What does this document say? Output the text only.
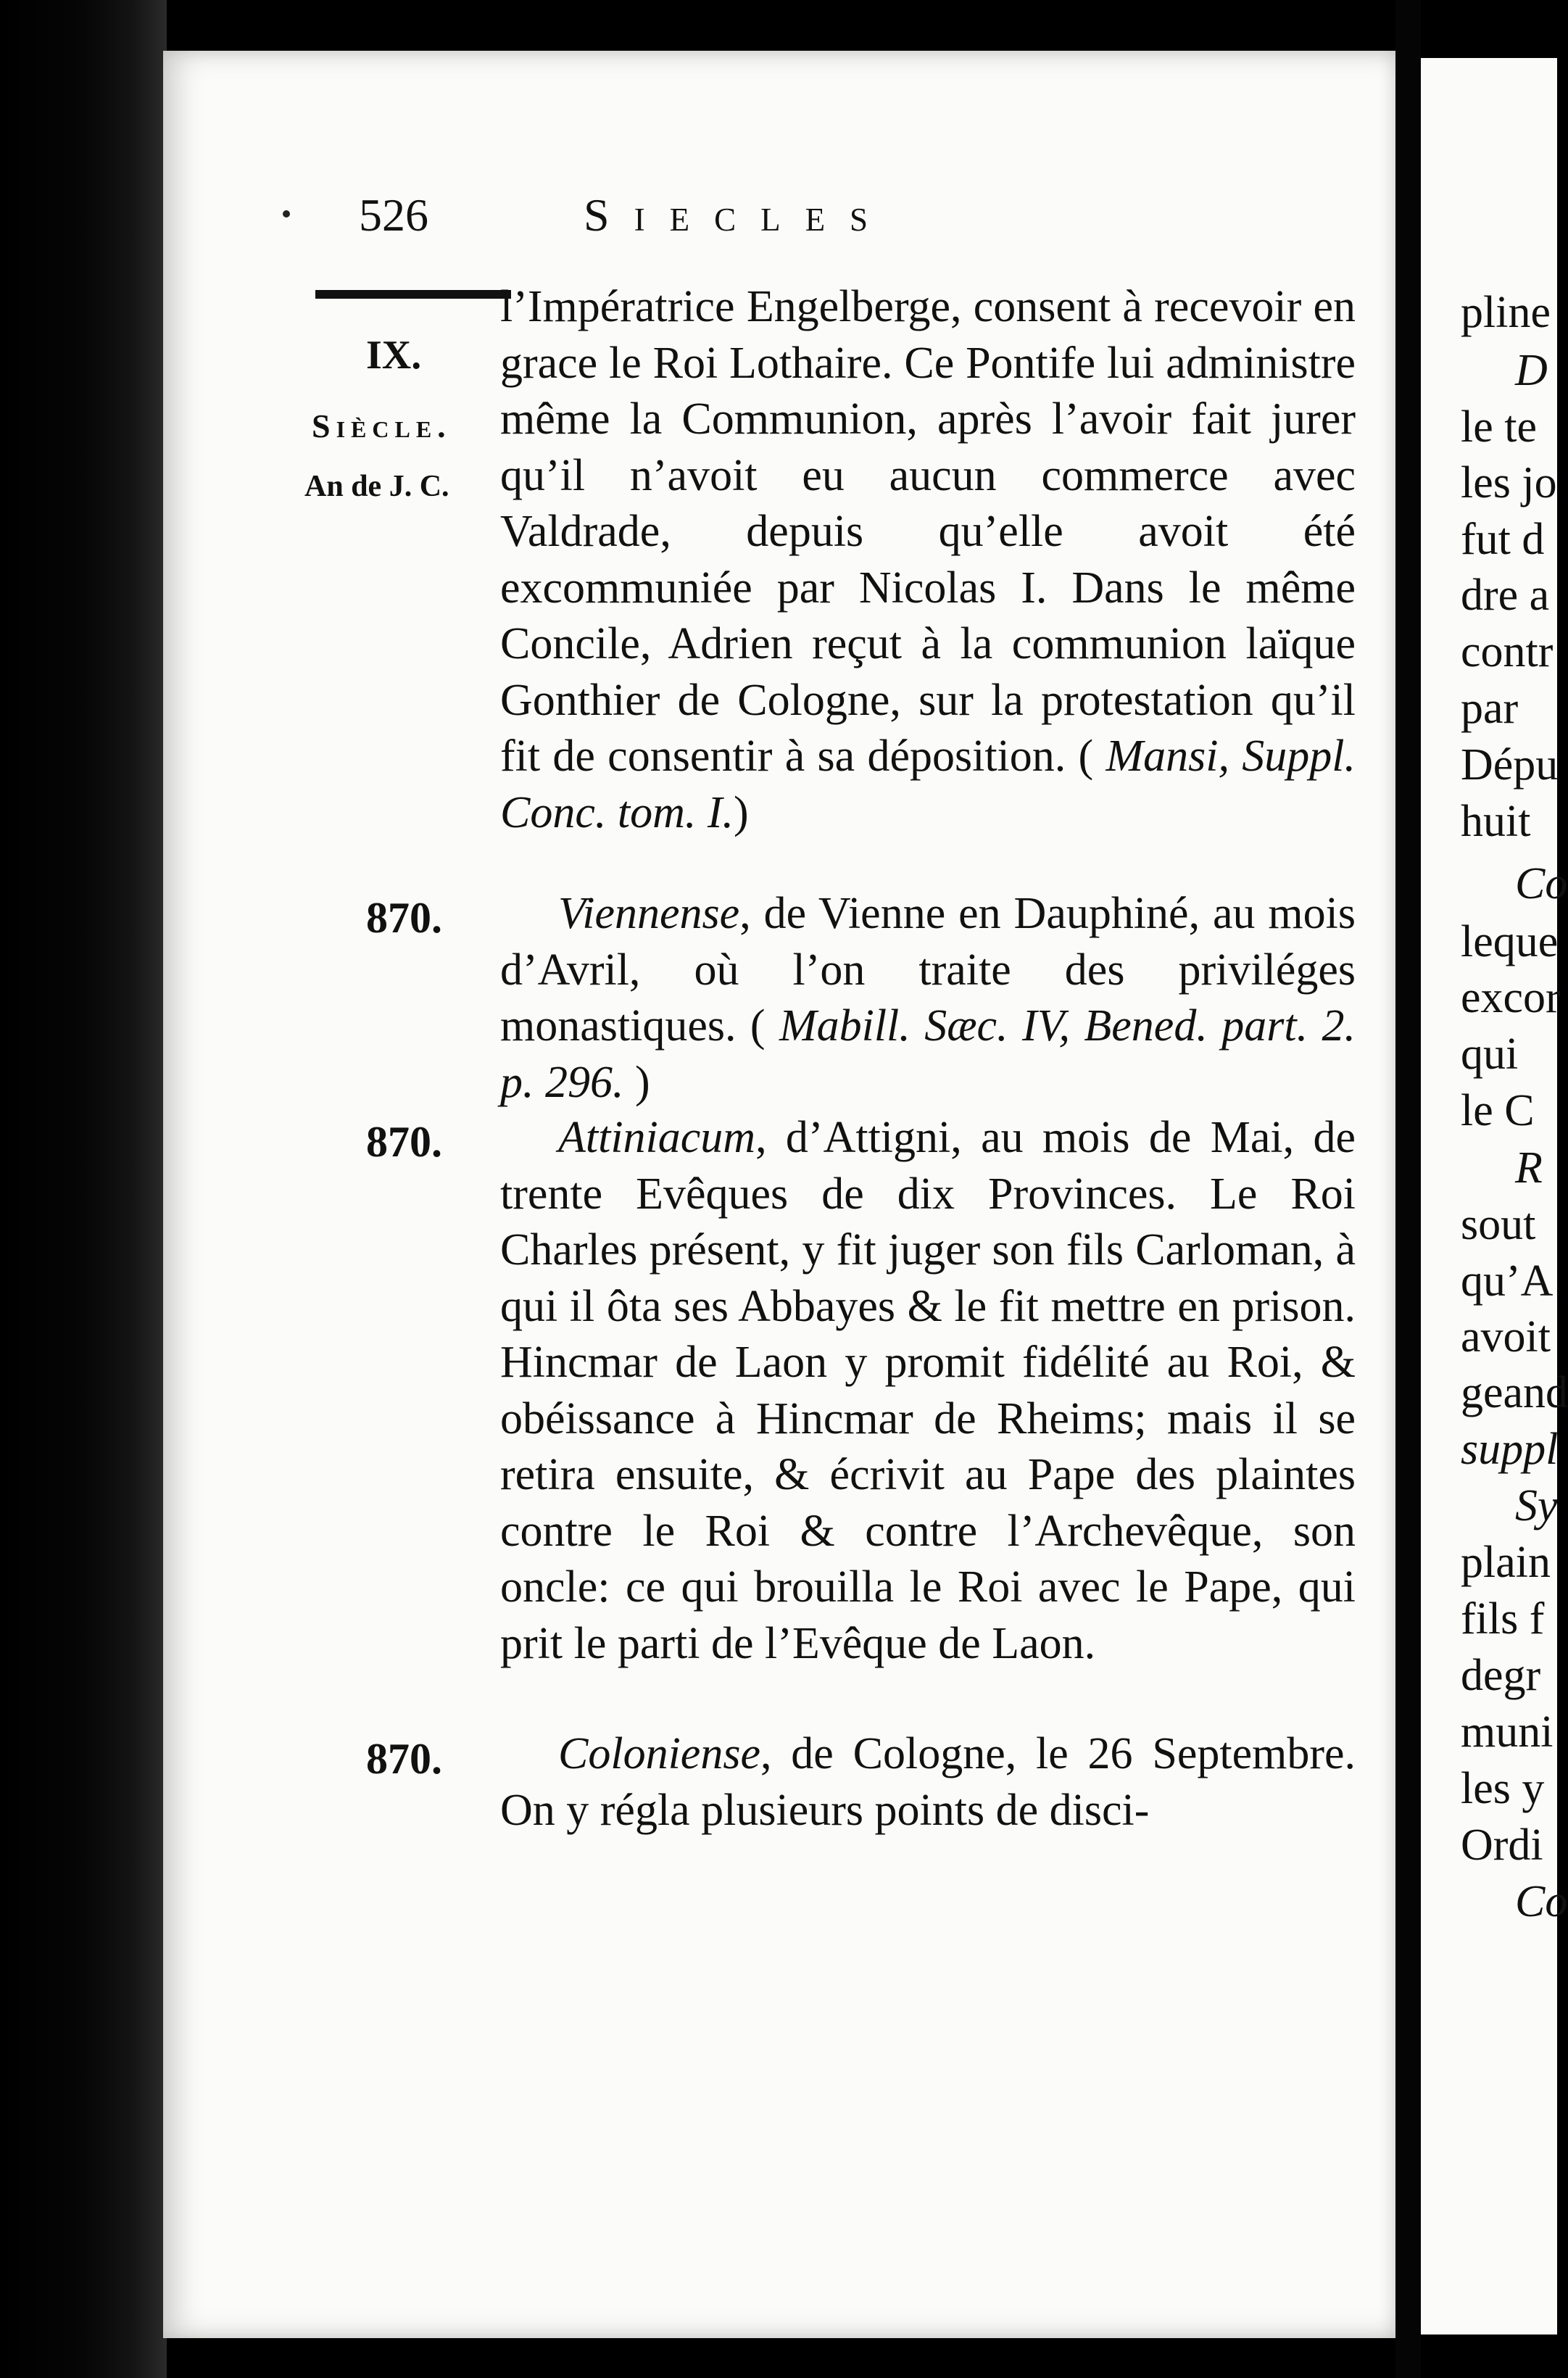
526	Siecles
IX.
Siècle.
An de J. C.

l’Impératrice Engelberge, consent à recevoir en grace le Roi Lothaire. Ce Pontife lui administre même la Communion, après l’avoir fait jurer qu’il n’avoit eu aucun commerce avec Valdrade, depuis qu’elle avoit été excommuniée par Nicolas I. Dans le même Concile, Adrien reçut à la communion laïque Gonthier de Cologne, sur la protestation qu’il fit de consentir à sa déposition. ( Mansi, Suppl. Conc. tom. I.)

870.	Viennense, de Vienne en Dauphiné, au mois d’Avril, où l’on traite des priviléges monastiques. ( Mabill. Sæc. IV, Bened. part. 2. p. 296. )

870.	Attiniacum, d’Attigni, au mois de Mai, de trente Evêques de dix Provinces. Le Roi Charles présent, y fit juger son fils Carloman, à qui il ôta ses Abbayes & le fit mettre en prison. Hincmar de Laon y promit fidélité au Roi, & obéissance à Hincmar de Rheims; mais il se retira ensuite, & écrivit au Pape des plaintes contre le Roi & contre l’Archevêque, son oncle: ce qui brouilla le Roi avec le Pape, qui prit le parti de l’Evêque de Laon.

870.	Coloniense, de Cologne, le 26 Septembre. On y régla plusieurs points de disci-

pline
D
le te
les jo
fut d
dre a
contr
par
Dépu
huit
Co
leque
excor
qui
le C
R
sout
qu’A
avoit
geand
suppl
Sy
plain
fils f
degr
muni
les y
Ordi
Co
